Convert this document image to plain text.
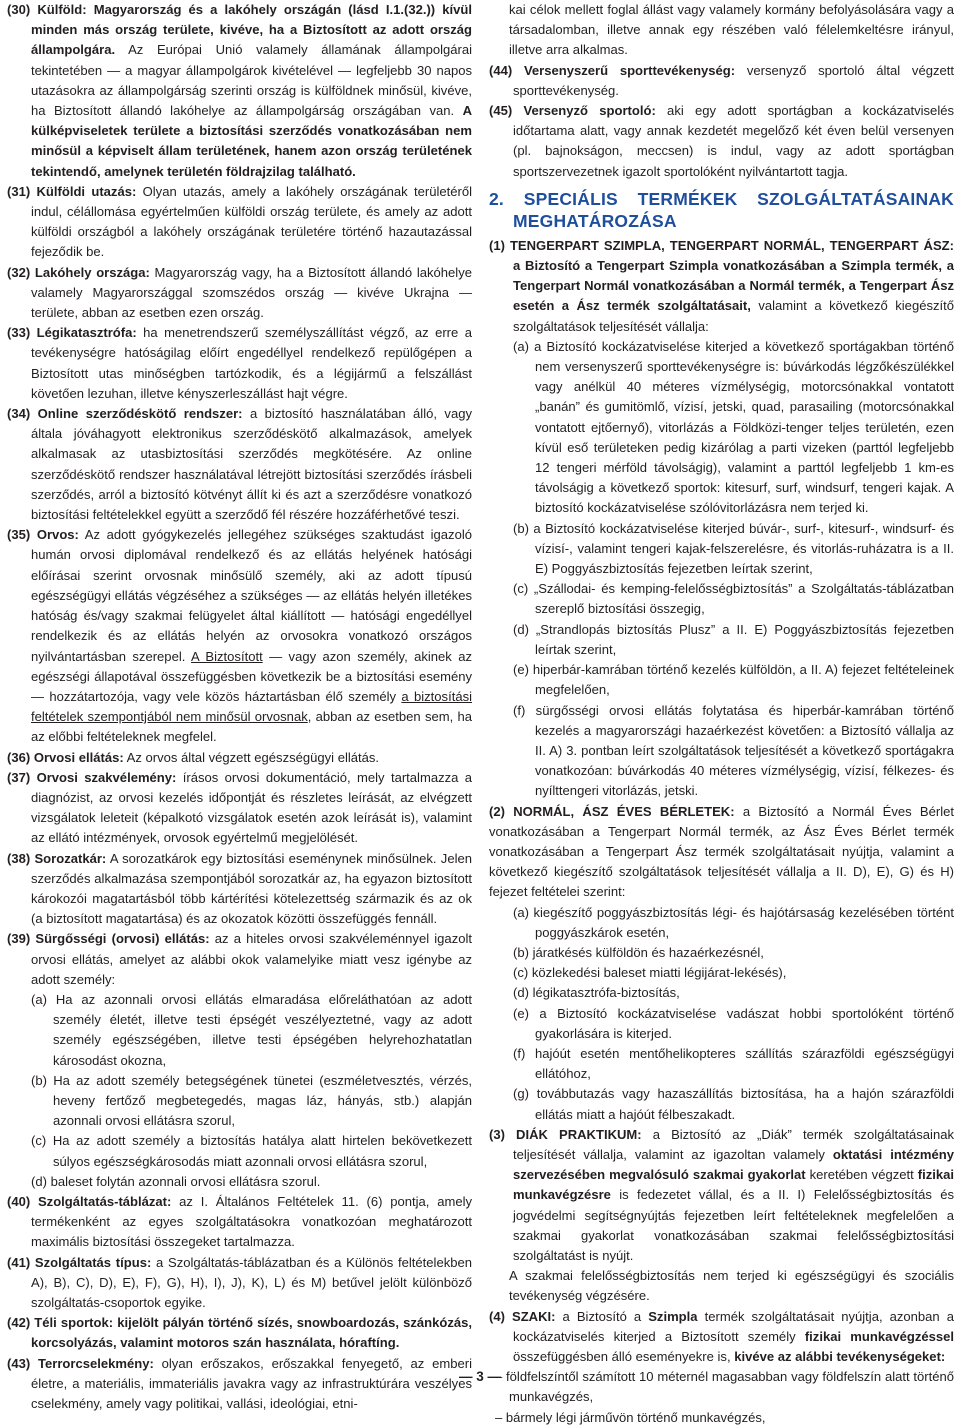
(30) Külföld: Magyarország és a lakóhely országán (lásd I.1.(32.)) kívül minden más ország területe, kivéve, ha a Biztosított az adott ország állampolgára. Az Európai Unió valamely államának állampolgárai tekintetében — a magyar állampolgárok kivételével — legfeljebb 30 napos utazásokra az állampolgárság szerinti ország is külföldnek minősül, kivéve, ha Biztosított állandó lakóhelye az állampolgárság országában van. A külképviseletek területe a biztosítási szerződés vonatkozásában nem minősül a képviselt állam területének, hanem azon ország területének tekintendő, amelynek területén földrajzilag található.

(31) Külföldi utazás: Olyan utazás, amely a lakóhely országának területéről indul, célállomása egyértelműen külföldi ország területe, és amely az adott külföldi országból a lakóhely országának területére történő hazautazással fejeződik be.

(32) Lakóhely országa: Magyarország vagy, ha a Biztosított állandó lakóhelye valamely Magyarországgal szomszédos ország — kivéve Ukrajna — területe, abban az esetben ezen ország.

(33) Légikatasztrófa: ha menetrendszerű személyszállítást végző, az erre a tevékenységre hatóságilag előírt engedéllyel rendelkező repülőgépen a Biztosított utas minőségben tartózkodik, és a légijármű a felszállást követően lezuhan, illetve kényszerleszállást hajt végre.

(34) Online szerződéskötő rendszer: a biztosító használatában álló, vagy általa jóváhagyott elektronikus szerződéskötő alkalmazások, amelyek alkalmasak az utasbiztosítási szerződés megkötésére. Az online szerződéskötő rendszer használatával létrejött biztosítási szerződés írásbeli szerződés, arról a biztosító kötvényt állít ki és azt a szerződésre vonatkozó biztosítási feltételekkel együtt a szerződő fél részére hozzáférhetővé teszi.

(35) Orvos: Az adott gyógykezelés jellegéhez szükséges szaktudást igazoló humán orvosi diplomával rendelkező és az ellátás helyének hatósági előírásai szerint orvosnak minősülő személy, aki az adott típusú egészségügyi ellátás végzéséhez a szükséges — az ellátás helyén illetékes hatóság és/vagy szakmai felügyelet által kiállított — hatósági engedéllyel rendelkezik és az ellátás helyén az orvosokra vonatkozó országos nyilvántartásban szerepel. A Biztosított — vagy azon személy, akinek az egészségi állapotával összefüggésben következik be a biztosítási esemény — hozzátartozója, vagy vele közös háztartásban élő személy a biztosítási feltételek szempontjából nem minősül orvosnak, abban az esetben sem, ha az előbbi feltételeknek megfelel.

(36) Orvosi ellátás: Az orvos által végzett egészségügyi ellátás.

(37) Orvosi szakvélemény: írásos orvosi dokumentáció, mely tartalmazza a diagnózist, az orvosi kezelés időpontját és részletes leírását, az elvégzett vizsgálatok leleteit (képalkotó vizsgálatok esetén azok leírását is), valamint az ellátó intézmények, orvosok egyértelmű megjelölését.

(38) Sorozatkár: A sorozatkárok egy biztosítási eseménynek minősülnek. Jelen szerződés alkalmazása szempontjából sorozatkár az, ha egyazon biztosított károkozói magatartásból több kártérítési kötelezettség származik és az ok (a biztosított magatartása) és az okozatok közötti összefüggés fennáll.

(39) Sürgősségi (orvosi) ellátás: az a hiteles orvosi szakvéleménnyel igazolt orvosi ellátás, amelyet az alábbi okok valamelyike miatt vesz igénybe az adott személy:

(a) Ha az azonnali orvosi ellátás elmaradása előreláthatóan az adott személy életét, illetve testi épségét veszélyeztetné, vagy az adott személy egészségében, illetve testi épségében helyrehozhatatlan károsodást okozna,

(b) Ha az adott személy betegségének tünetei (eszméletvesztés, vérzés, heveny fertőző megbetegedés, magas láz, hányás, stb.) alapján azonnali orvosi ellátásra szorul,

(c) Ha az adott személy a biztosítás hatálya alatt hirtelen bekövetkezett súlyos egészségkárosodás miatt azonnali orvosi ellátásra szorul,

(d) baleset folytán azonnali orvosi ellátásra szorul.

(40) Szolgáltatás-táblázat: az I. Általános Feltételek 11. (6) pontja, amely termékenként az egyes szolgáltatásokra vonatkozóan meghatározott maximális biztosítási összegeket tartalmazza.

(41) Szolgáltatás típus: a Szolgáltatás-táblázatban és a Különös feltételekben A), B), C), D), E), F), G), H), I), J), K), L) és M) betűvel jelölt különböző szolgáltatás-csoportok egyike.

(42) Téli sportok: kijelölt pályán történő sízés, snowboardozás, szánkózás, korcsolyázás, valamint motoros szán használata, hóraftíng.

(43) Terrorcselekmény: olyan erőszakos, erőszakkal fenyegető, az emberi életre, a materiális, immateriális javakra vagy az infrastruktúrára veszélyes cselekmény, amely vagy politikai, vallási, ideológiai, etni-

kai célok mellett foglal állást vagy valamely kormány befolyásolására vagy a társadalomban, illetve annak egy részében való félelemkeltésre irányul, illetve arra alkalmas.

(44) Versenyszerű sporttevékenység: versenyző sportoló által végzett sporttevékenység.

(45) Versenyző sportoló: aki egy adott sportágban a kockázatviselés időtartama alatt, vagy annak kezdetét megelőző két éven belül versenyen (pl. bajnokságon, meccsen) is indul, vagy az adott sportágban sportszervezetnek igazolt sportolóként nyilvántartott tagja.

2. SPECIÁLIS TERMÉKEK SZOLGÁLTATÁSAINAK MEGHATÁROZÁSA

(1) TENGERPART SZIMPLA, TENGERPART NORMÁL, TENGERPART ÁSZ: a Biztosító a Tengerpart Szimpla vonatkozásában a Szimpla termék, a Tengerpart Normál vonatkozásában a Normál termék, a Tengerpart Ász esetén a Ász termék szolgáltatásait, valamint a következő kiegészítő szolgáltatások teljesítését vállalja:

(a) a Biztosító kockázatviselése kiterjed a következő sportágakban történő nem versenyszerű sporttevékenységre is: búvárkodás légzőkészülékkel vagy anélkül 40 méteres vízmélységig, motorcsónakkal vontatott „banán” és gumitömlő, vízisí, jetski, quad, parasailing (motorcsónakkal vontatott ejtőernyő), vitorlázás a Földközi-tenger teljes területén, ezen kívül eső területeken pedig kizárólag a parti vizeken (parttól legfeljebb 12 tengeri mérföld távolságig), valamint a parttól legfeljebb 1 km-es távolságig a következő sportok: kitesurf, surf, windsurf, tengeri kajak. A biztosító kockázatviselése szólóvitorlázásra nem terjed ki.

(b) a Biztosító kockázatviselése kiterjed búvár-, surf-, kitesurf-, windsurf- és vízisí-, valamint tengeri kajak-felszerelésre, és vitorlás-ruházatra is a II. E) Poggyászbiztosítás fejezetben leírtak szerint,

(c) „Szállodai- és kemping-felelősségbiztosítás” a Szolgáltatás-táblázatban szereplő biztosítási összegig,

(d) „Strandlopás biztosítás Plusz” a II. E) Poggyászbiztosítás fejezetben leírtak szerint,

(e) hiperbár-kamrában történő kezelés külföldön, a II. A) fejezet feltételeinek megfelelően,

(f) sürgősségi orvosi ellátás folytatása és hiperbár-kamrában történő kezelés a magyarországi hazaérkezést követően: a Biztosító vállalja az II. A) 3. pontban leírt szolgáltatások teljesítését a következő sportágakra vonatkozóan: búvárkodás 40 méteres vízmélységig, vízisí, félkezes- és nyílttengeri vitorlázás, jetski.

(2) NORMÁL, ÁSZ ÉVES BÉRLETEK: a Biztosító a Normál Éves Bérlet vonatkozásában a Tengerpart Normál termék, az Ász Éves Bérlet termék vonatkozásában a Tengerpart Ász termék szolgáltatásait nyújtja, valamint a következő kiegészítő szolgáltatások teljesítését vállalja a II. D), E), G) és H) fejezet feltételei szerint:

(a) kiegészítő poggyászbiztosítás légi- és hajótársaság kezelésében történt poggyászkárok esetén,

(b) járatkésés külföldön és hazaérkezésnél,

(c) közlekedési baleset miatti légijárat-lekésés),

(d) légikatasztrófa-biztosítás,

(e) a Biztosító kockázatviselése vadászat hobbi sportolóként történő gyakorlására is kiterjed.

(f) hajóút esetén mentőhelikopteres szállítás szárazföldi egészségügyi ellátóhoz,

(g) továbbutazás vagy hazaszállítás biztosítása, ha a hajón szárazföldi ellátás miatt a hajóút félbeszakadt.

(3) DIÁK PRAKTIKUM: a Biztosító az „Diák” termék szolgáltatásainak teljesítését vállalja, valamint az igazoltan valamely oktatási intézmény szervezésében megvalósuló szakmai gyakorlat keretében végzett fizikai munkavégzésre is fedezetet vállal, és a II. I) Felelősségbiztosítás és jogvédelmi segítségnyújtás fejezetben leírt feltételeknek megfelelően a szakmai gyakorlat vonatkozásában szakmai felelősségbiztosítási szolgáltatást is nyújt.

A szakmai felelősségbiztosítás nem terjed ki egészségügyi és szociális tevékenység végzésére.

(4) SZAKI: a Biztosító a Szimpla termék szolgáltatásait nyújtja, azonban a kockázatviselés kiterjed a Biztosított személy fizikai munkavégzéssel összefüggésben álló eseményekre is, kivéve az alábbi tevékenységeket:

– földfelszíntől számított 10 méternél magasabban vagy földfelszín alatt történő munkavégzés,

– bármely légi járművön történő munkavégzés,

— 3 —
